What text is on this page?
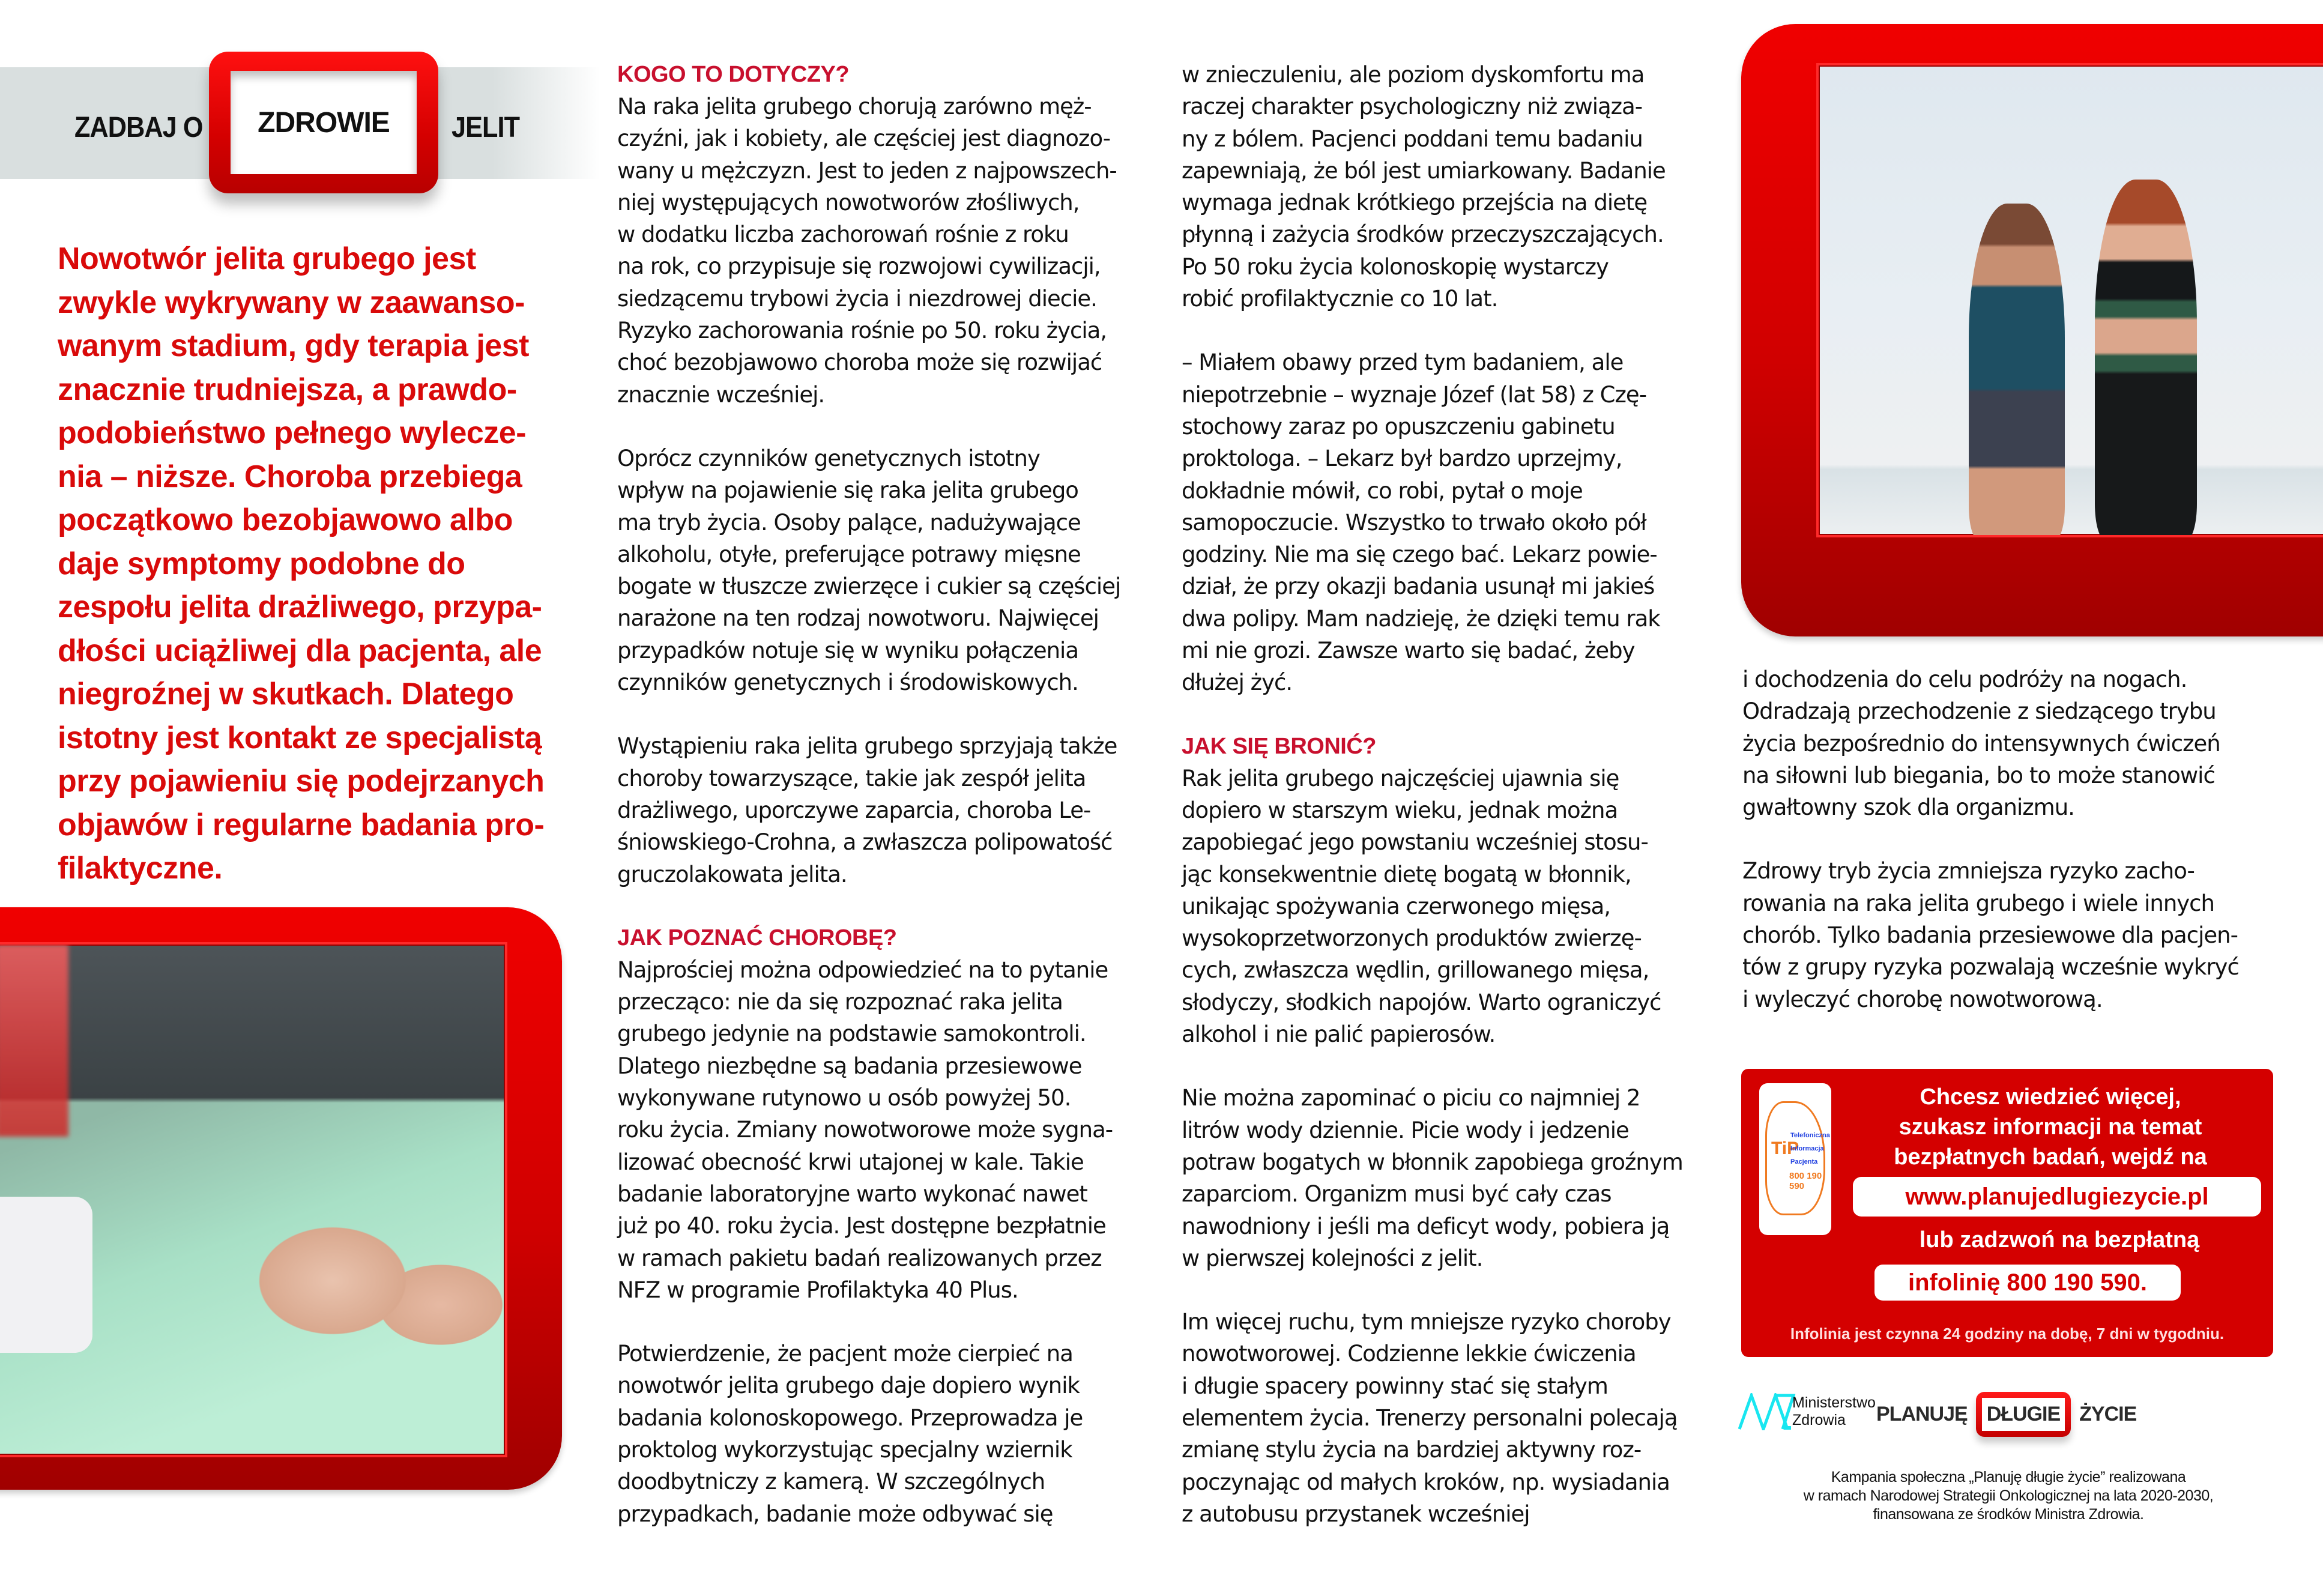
ZADBAJ O ZDROWIE JELIT
Nowotwór jelita grubego jest
zwykle wykrywany w zaawanso-
wanym stadium, gdy terapia jest
znacznie trudniejsza, a prawdo-
podobieństwo pełnego wylecze-
nia – niższe. Choroba przebiega
początkowo bezobjawowo albo
daje symptomy podobne do
zespołu jelita drażliwego, przypa-
dłości uciążliwej dla pacjenta, ale
niegroźnej w skutkach. Dlatego
istotny jest kontakt ze specjalistą
przy pojawieniu się podejrzanych
objawów i regularne badania pro-
filaktyczne.
KOGO TO DOTYCZY?

Na raka jelita grubego chorują zarówno męż-
czyźni, jak i kobiety, ale częściej jest diagnozo-
wany u mężczyzn. Jest to jeden z najpowszech-
niej występujących nowotworów złośliwych,
w dodatku liczba zachorowań rośnie z roku
na rok, co przypisuje się rozwojowi cywilizacji,
siedzącemu trybowi życia i niezdrowej diecie.
Ryzyko zachorowania rośnie po 50. roku życia,
choć bezobjawowo choroba może się rozwijać
znacznie wcześniej.

Oprócz czynników genetycznych istotny
wpływ na pojawienie się raka jelita grubego
ma tryb życia. Osoby palące, nadużywające
alkoholu, otyłe, preferujące potrawy mięsne
bogate w tłuszcze zwierzęce i cukier są częściej
narażone na ten rodzaj nowotworu. Najwięcej
przypadków notuje się w wyniku połączenia
czynników genetycznych i środowiskowych.

Wystąpieniu raka jelita grubego sprzyjają także
choroby towarzyszące, takie jak zespół jelita
drażliwego, uporczywe zaparcia, choroba Le-
śniowskiego-Crohna, a zwłaszcza polipowatość
gruczolakowata jelita.

JAK POZNAĆ CHOROBĘ?

Najprościej można odpowiedzieć na to pytanie
przecząco: nie da się rozpoznać raka jelita
grubego jedynie na podstawie samokontroli.
Dlatego niezbędne są badania przesiewowe
wykonywane rutynowo u osób powyżej 50.
roku życia. Zmiany nowotworowe może sygna-
lizować obecność krwi utajonej w kale. Takie
badanie laboratoryjne warto wykonać nawet
już po 40. roku życia. Jest dostępne bezpłatnie
w ramach pakietu badań realizowanych przez
NFZ w programie Profilaktyka 40 Plus.

Potwierdzenie, że pacjent może cierpieć na
nowotwór jelita grubego daje dopiero wynik
badania kolonoskopowego. Przeprowadza je
proktolog wykorzystując specjalny wziernik
doodbytniczy z kamerą. W szczególnych
przypadkach, badanie może odbywać się

w znieczuleniu, ale poziom dyskomfortu ma
raczej charakter psychologiczny niż związa-
ny z bólem. Pacjenci poddani temu badaniu
zapewniają, że ból jest umiarkowany. Badanie
wymaga jednak krótkiego przejścia na dietę
płynną i zażycia środków przeczyszczających.
Po 50 roku życia kolonoskopię wystarczy
robić profilaktycznie co 10 lat.

– Miałem obawy przed tym badaniem, ale
niepotrzebnie – wyznaje Józef (lat 58) z Czę-
stochowy zaraz po opuszczeniu gabinetu
proktologa. – Lekarz był bardzo uprzejmy,
dokładnie mówił, co robi, pytał o moje
samopoczucie. Wszystko to trwało około pół
godziny. Nie ma się czego bać. Lekarz powie-
dział, że przy okazji badania usunął mi jakieś
dwa polipy. Mam nadzieję, że dzięki temu rak
mi nie grozi. Zawsze warto się badać, żeby
dłużej żyć.

JAK SIĘ BRONIĆ?

Rak jelita grubego najczęściej ujawnia się
dopiero w starszym wieku, jednak można
zapobiegać jego powstaniu wcześniej stosu-
jąc konsekwentnie dietę bogatą w błonnik,
unikając spożywania czerwonego mięsa,
wysokoprzetworzonych produktów zwierzę-
cych, zwłaszcza wędlin, grillowanego mięsa,
słodyczy, słodkich napojów. Warto ograniczyć
alkohol i nie palić papierosów.

Nie można zapominać o piciu co najmniej 2
litrów wody dziennie. Picie wody i jedzenie
potraw bogatych w błonnik zapobiega groźnym
zaparciom. Organizm musi być cały czas
nawodniony i jeśli ma deficyt wody, pobiera ją
w pierwszej kolejności z jelit.

Im więcej ruchu, tym mniejsze ryzyko choroby
nowotworowej. Codzienne lekkie ćwiczenia
i długie spacery powinny stać się stałym
elementem życia. Trenerzy personalni polecają
zmianę stylu życia na bardziej aktywny roz-
poczynając od małych kroków, np. wysiadania
z autobusu przystanek wcześniej

i dochodzenia do celu podróży na nogach.
Odradzają przechodzenie z siedzącego trybu
życia bezpośrednio do intensywnych ćwiczeń
na siłowni lub biegania, bo to może stanowić
gwałtowny szok dla organizmu.

Zdrowy tryb życia zmniejsza ryzyko zacho-
rowania na raka jelita grubego i wiele innych
chorób. Tylko badania przesiewowe dla pacjen-
tów z grupy ryzyka pozwalają wcześnie wykryć
i wyleczyć chorobę nowotworową.

TiP
Telefoniczna
Informacja
Pacjenta
800 190 590
Chcesz wiedzieć więcej,
szukasz informacji na temat
bezpłatnych badań, wejdź na
www.planujedlugiezycie.pl
lub zadzwoń na bezpłatną
infolinię 800 190 590.
Infolinia jest czynna 24 godziny na dobę, 7 dni w tygodniu.
Ministerstwo
Zdrowia	PLANUJĘ DŁUGIE ŻYCIE
Kampania społeczna „Planuję długie życie” realizowana
w ramach Narodowej Strategii Onkologicznej na lata 2020-2030,
finansowana ze środków Ministra Zdrowia.
